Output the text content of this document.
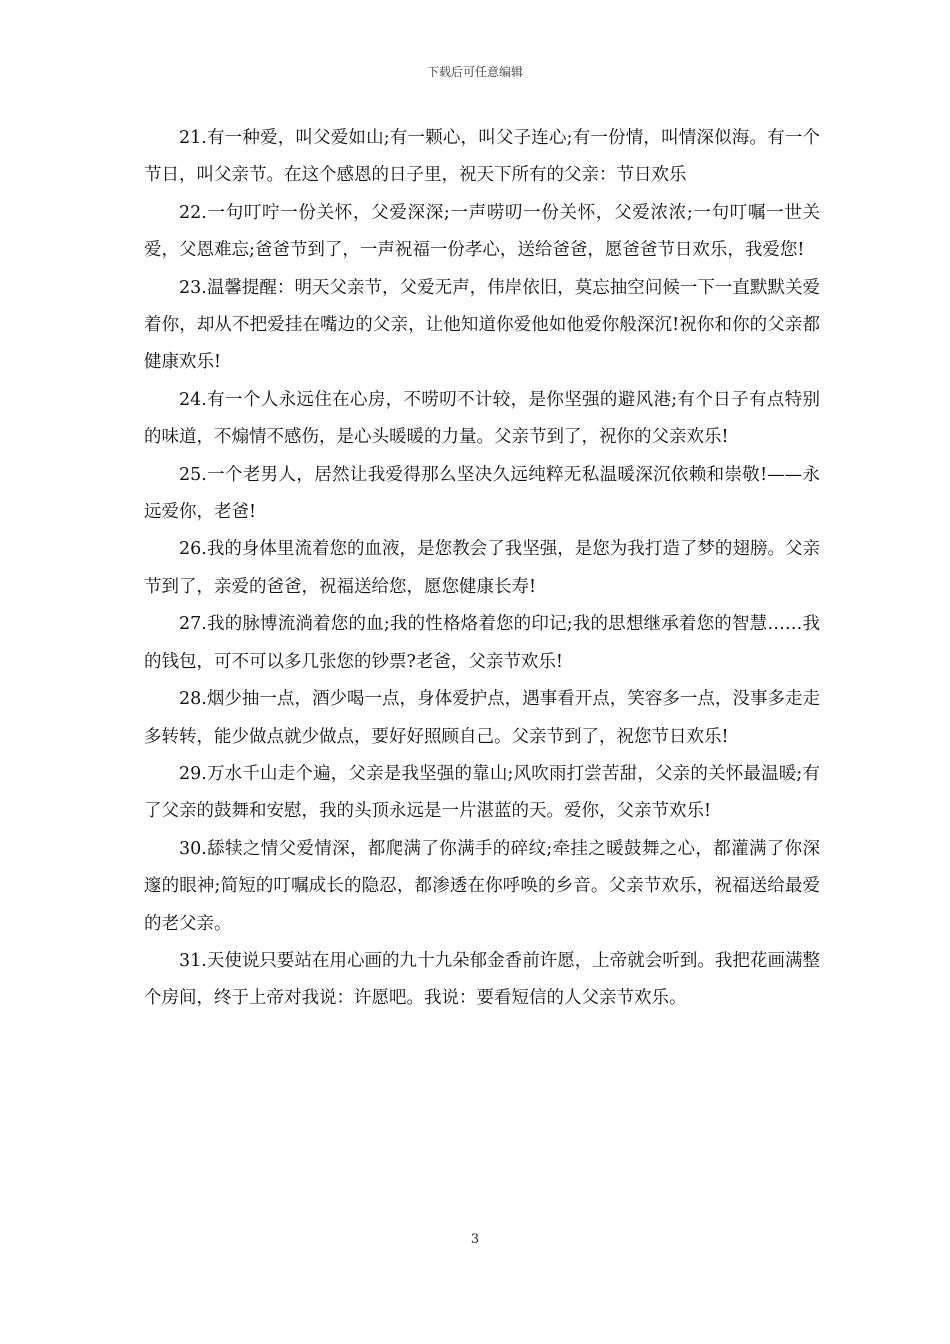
下载后可任意编辑

21.有一种爱，叫父爱如山;有一颗心，叫父子连心;有一份情，叫情深似海。有一个节日，叫父亲节。在这个感恩的日子里，祝天下所有的父亲：节日欢乐

22.一句叮咛一份关怀，父爱深深;一声唠叨一份关怀，父爱浓浓;一句叮嘱一世关爱，父恩难忘;爸爸节到了，一声祝福一份孝心，送给爸爸，愿爸爸节日欢乐，我爱您!

23.温馨提醒：明天父亲节，父爱无声，伟岸依旧，莫忘抽空问候一下一直默默关爱着你，却从不把爱挂在嘴边的父亲，让他知道你爱他如他爱你般深沉!祝你和你的父亲都健康欢乐!

24.有一个人永远住在心房，不唠叨不计较，是你坚强的避风港;有个日子有点特别的味道，不煽情不感伤，是心头暖暖的力量。父亲节到了，祝你的父亲欢乐!

25.一个老男人，居然让我爱得那么坚决久远纯粹无私温暖深沉依赖和崇敬!——永远爱你，老爸!

26.我的身体里流着您的血液，是您教会了我坚强，是您为我打造了梦的翅膀。父亲节到了，亲爱的爸爸，祝福送给您，愿您健康长寿!

27.我的脉博流淌着您的血;我的性格烙着您的印记;我的思想继承着您的智慧……我的钱包，可不可以多几张您的钞票?老爸，父亲节欢乐!

28.烟少抽一点，酒少喝一点，身体爱护点，遇事看开点，笑容多一点，没事多走走多转转，能少做点就少做点，要好好照顾自己。父亲节到了，祝您节日欢乐!

29.万水千山走个遍，父亲是我坚强的靠山;风吹雨打尝苦甜，父亲的关怀最温暖;有了父亲的鼓舞和安慰，我的头顶永远是一片湛蓝的天。爱你，父亲节欢乐!

30.舔犊之情父爱情深，都爬满了你满手的碎纹;牵挂之暖鼓舞之心，都灌满了你深邃的眼神;简短的叮嘱成长的隐忍，都渗透在你呼唤的乡音。父亲节欢乐，祝福送给最爱的老父亲。

31.天使说只要站在用心画的九十九朵郁金香前许愿，上帝就会听到。我把花画满整个房间，终于上帝对我说：许愿吧。我说：要看短信的人父亲节欢乐。

3
